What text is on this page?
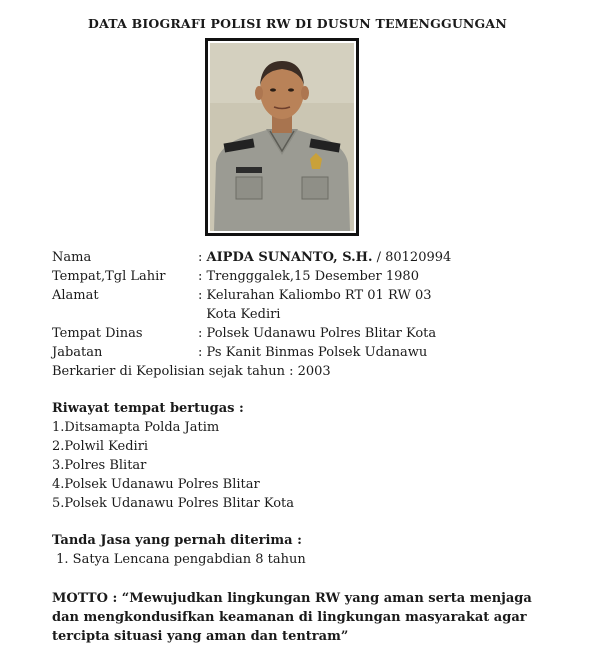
DATA BIOGRAFI POLISI RW DI DUSUN TEMENGGUNGAN
Nama	: AIPDA SUNANTO, S.H. / 80120994
Tempat,Tgl Lahir	: Trengggalek,15 Desember 1980
Alamat	: Kelurahan Kaliombo RT 01 RW 03
Kota Kediri
Tempat Dinas	: Polsek Udanawu Polres Blitar Kota
Jabatan	: Ps Kanit Binmas Polsek Udanawu
Berkarier di Kepolisian sejak tahun : 2003
Riwayat tempat bertugas :
1.Ditsamapta Polda Jatim
2.Polwil Kediri
3.Polres Blitar
4.Polsek Udanawu Polres Blitar
5.Polsek Udanawu Polres Blitar Kota
Tanda Jasa yang pernah diterima :
1. Satya Lencana pengabdian 8 tahun
MOTTO : “Mewujudkan lingkungan RW yang aman serta menjaga
dan mengkondusifkan keamanan di lingkungan masyarakat agar
tercipta situasi yang aman dan tentram”
